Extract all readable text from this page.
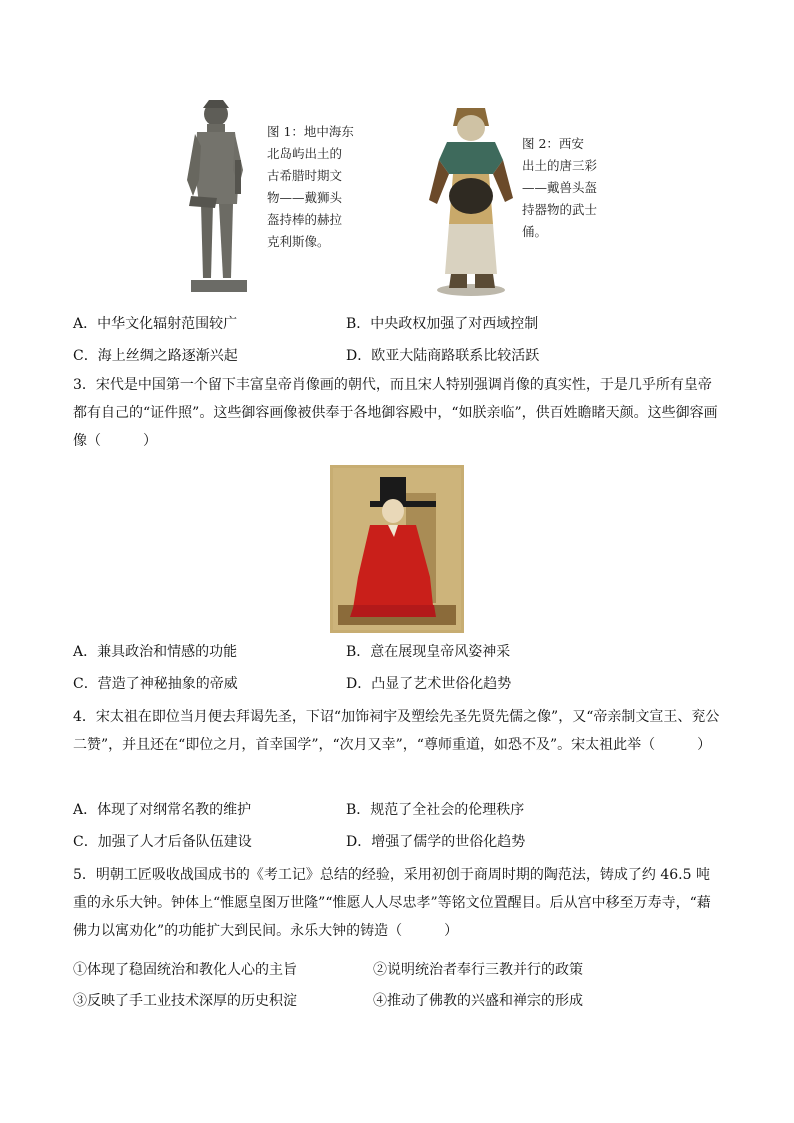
图 1：地中海东
北岛屿出土的
古希腊时期文
物——戴狮头
盔持棒的赫拉
克利斯像。
图 2：西安
出土的唐三彩
——戴兽头盔
持器物的武士
俑。
A．中华文化辐射范围较广	B．中央政权加强了对西域控制
C．海上丝绸之路逐渐兴起	D．欧亚大陆商路联系比较活跃
3．宋代是中国第一个留下丰富皇帝肖像画的朝代，而且宋人特别强调肖像的真实性，于是几乎所有皇帝都有自己的“证件照”。这些御容画像被供奉于各地御容殿中，“如朕亲临”，供百姓瞻睹天颜。这些御容画像（　　　）
A．兼具政治和情感的功能	B．意在展现皇帝风姿神采
C．营造了神秘抽象的帝威	D．凸显了艺术世俗化趋势
4．宋太祖在即位当月便去拜谒先圣，下诏“加饰祠宇及塑绘先圣先贤先儒之像”，又“帝亲制文宣王、兖公二赞”，并且还在“即位之月，首幸国学”，“次月又幸”，“尊师重道，如恐不及”。宋太祖此举（　　　）
A．体现了对纲常名教的维护	B．规范了全社会的伦理秩序
C．加强了人才后备队伍建设	D．增强了儒学的世俗化趋势
5．明朝工匠吸收战国成书的《考工记》总结的经验，采用初创于商周时期的陶范法，铸成了约 46.5 吨重的永乐大钟。钟体上“惟愿皇图万世隆”“惟愿人人尽忠孝”等铭文位置醒目。后从宫中移至万寿寺，“藉佛力以寓劝化”的功能扩大到民间。永乐大钟的铸造（　　　）
①体现了稳固统治和教化人心的主旨	②说明统治者奉行三教并行的政策
③反映了手工业技术深厚的历史积淀	④推动了佛教的兴盛和禅宗的形成
